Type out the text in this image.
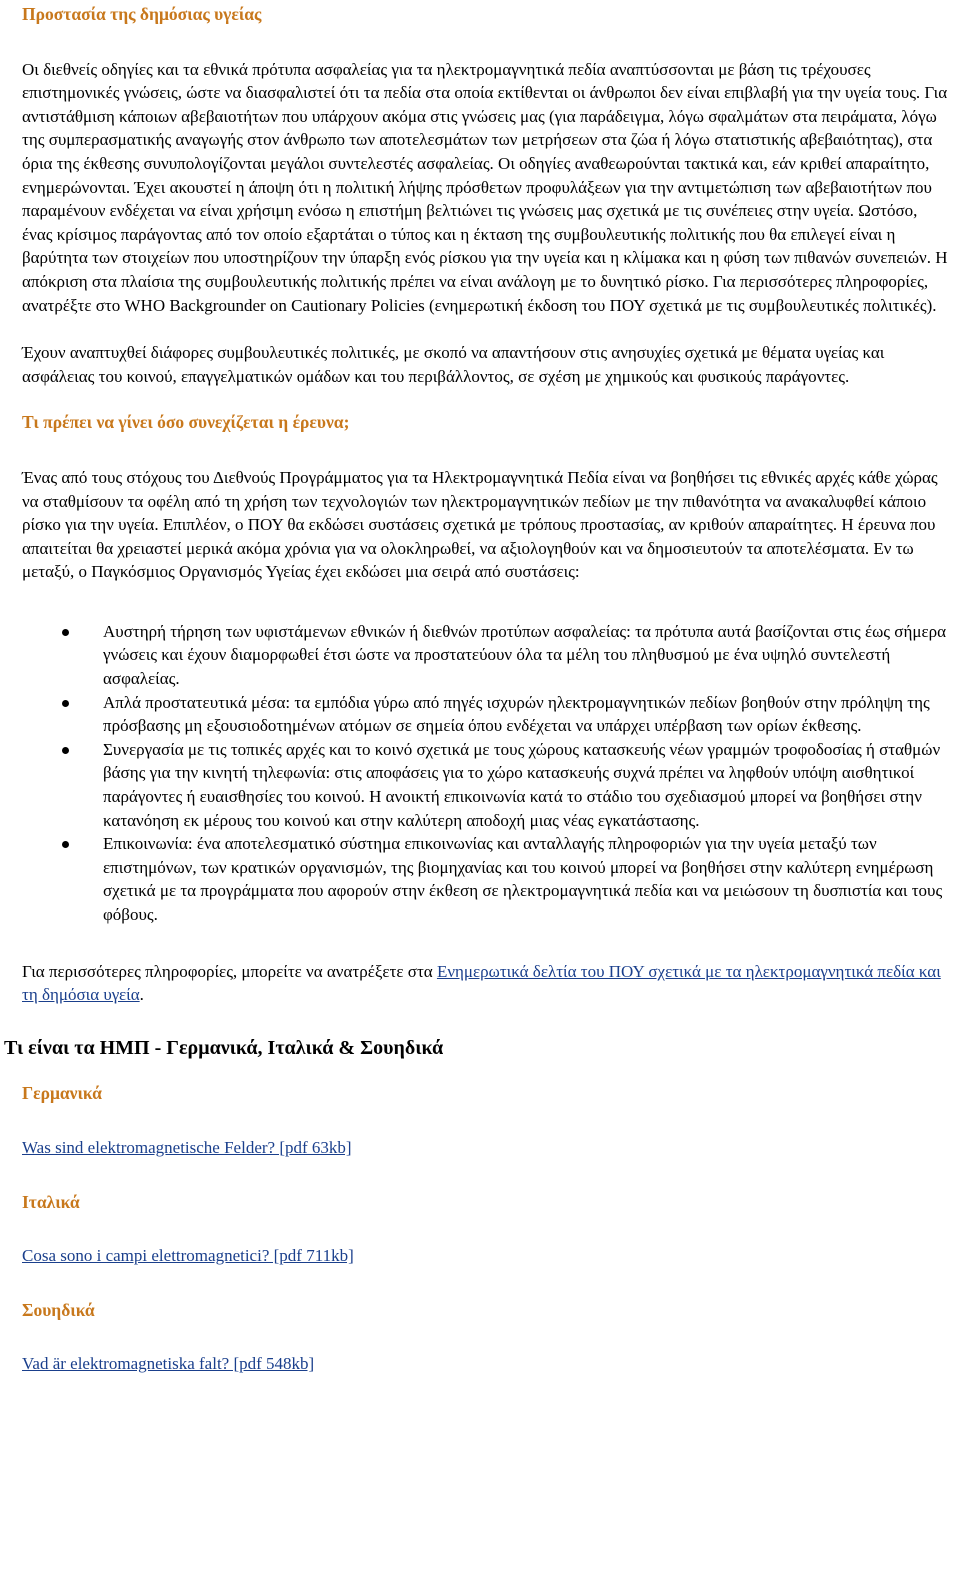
Προστασία της δημόσιας υγείας

Οι διεθνείς οδηγίες και τα εθνικά πρότυπα ασφαλείας για τα ηλεκτρομαγνητικά πεδία αναπτύσσονται με βάση τις τρέχουσες επιστημονικές γνώσεις, ώστε να διασφαλιστεί ότι τα πεδία στα οποία εκτίθενται οι άνθρωποι δεν είναι επιβλαβή για την υγεία τους. Για αντιστάθμιση κάποιων αβεβαιοτήτων που υπάρχουν ακόμα στις γνώσεις μας (για παράδειγμα, λόγω σφαλμάτων στα πειράματα, λόγω της συμπερασματικής αναγωγής στον άνθρωπο των αποτελεσμάτων των μετρήσεων στα ζώα ή λόγω στατιστικής αβεβαιότητας), στα όρια της έκθεσης συνυπολογίζονται μεγάλοι συντελεστές ασφαλείας. Οι οδηγίες αναθεωρούνται τακτικά και, εάν κριθεί απαραίτητο, ενημερώνονται. Έχει ακουστεί η άποψη ότι η πολιτική λήψης πρόσθετων προφυλάξεων για την αντιμετώπιση των αβεβαιοτήτων που παραμένουν ενδέχεται να είναι χρήσιμη ενόσω η επιστήμη βελτιώνει τις γνώσεις μας σχετικά με τις συνέπειες στην υγεία. Ωστόσο, ένας κρίσιμος παράγοντας από τον οποίο εξαρτάται ο τύπος και η έκταση της συμβουλευτικής πολιτικής που θα επιλεγεί είναι η βαρύτητα των στοιχείων που υποστηρίζουν την ύπαρξη ενός ρίσκου για την υγεία και η κλίμακα και η φύση των πιθανών συνεπειών. Η απόκριση στα πλαίσια της συμβουλευτικής πολιτικής πρέπει να είναι ανάλογη με το δυνητικό ρίσκο. Για περισσότερες πληροφορίες, ανατρέξτε στο WHO Backgrounder on Cautionary Policies (ενημερωτική έκδοση του ΠΟΥ σχετικά με τις συμβουλευτικές πολιτικές).

Έχουν αναπτυχθεί διάφορες συμβουλευτικές πολιτικές, με σκοπό να απαντήσουν στις ανησυχίες σχετικά με θέματα υγείας και ασφάλειας του κοινού, επαγγελματικών ομάδων και του περιβάλλοντος, σε σχέση με χημικούς και φυσικούς παράγοντες.

Τι πρέπει να γίνει όσο συνεχίζεται η έρευνα;

Ένας από τους στόχους του Διεθνούς Προγράμματος για τα Ηλεκτρομαγνητικά Πεδία είναι να βοηθήσει τις εθνικές αρχές κάθε χώρας να σταθμίσουν τα οφέλη από τη χρήση των τεχνολογιών των ηλεκτρομαγνητικών πεδίων με την πιθανότητα να ανακαλυφθεί κάποιο ρίσκο για την υγεία. Επιπλέον, ο ΠΟΥ θα εκδώσει συστάσεις σχετικά με τρόπους προστασίας, αν κριθούν απαραίτητες. Η έρευνα που απαιτείται θα χρειαστεί μερικά ακόμα χρόνια για να ολοκληρωθεί, να αξιολογηθούν και να δημοσιευτούν τα αποτελέσματα. Εν τω μεταξύ, ο Παγκόσμιος Οργανισμός Υγείας έχει εκδώσει μια σειρά από συστάσεις:

Αυστηρή τήρηση των υφιστάμενων εθνικών ή διεθνών προτύπων ασφαλείας: τα πρότυπα αυτά βασίζονται στις έως σήμερα γνώσεις και έχουν διαμορφωθεί έτσι ώστε να προστατεύουν όλα τα μέλη του πληθυσμού με ένα υψηλό συντελεστή ασφαλείας.
Απλά προστατευτικά μέσα: τα εμπόδια γύρω από πηγές ισχυρών ηλεκτρομαγνητικών πεδίων βοηθούν στην πρόληψη της πρόσβασης μη εξουσιοδοτημένων ατόμων σε σημεία όπου ενδέχεται να υπάρχει υπέρβαση των ορίων έκθεσης.
Συνεργασία με τις τοπικές αρχές και το κοινό σχετικά με τους χώρους κατασκευής νέων γραμμών τροφοδοσίας ή σταθμών βάσης για την κινητή τηλεφωνία: στις αποφάσεις για το χώρο κατασκευής συχνά πρέπει να ληφθούν υπόψη αισθητικοί παράγοντες ή ευαισθησίες του κοινού. Η ανοικτή επικοινωνία κατά το στάδιο του σχεδιασμού μπορεί να βοηθήσει στην κατανόηση εκ μέρους του κοινού και στην καλύτερη αποδοχή μιας νέας εγκατάστασης.
Επικοινωνία: ένα αποτελεσματικό σύστημα επικοινωνίας και ανταλλαγής πληροφοριών για την υγεία μεταξύ των επιστημόνων, των κρατικών οργανισμών, της βιομηχανίας και του κοινού μπορεί να βοηθήσει στην καλύτερη ενημέρωση σχετικά με τα προγράμματα που αφορούν στην έκθεση σε ηλεκτρομαγνητικά πεδία και να μειώσουν τη δυσπιστία και τους φόβους.

Για περισσότερες πληροφορίες, μπορείτε να ανατρέξετε στα Ενημερωτικά δελτία του ΠΟΥ σχετικά με τα ηλεκτρομαγνητικά πεδία και τη δημόσια υγεία.

Τι είναι τα ΗΜΠ - Γερμανικά, Ιταλικά & Σουηδικά
Γερμανικά

Was sind elektromagnetische Felder? [pdf 63kb]

Ιταλικά

Cosa sono i campi elettromagnetici? [pdf 711kb]

Σουηδικά

Vad är elektromagnetiska falt? [pdf 548kb]
